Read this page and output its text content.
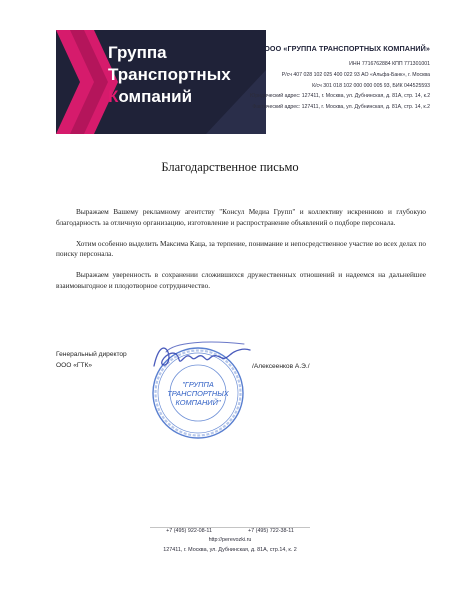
Группа
Транспортных
Компаний
ООО «ГРУППА ТРАНСПОРТНЫХ КОМПАНИЙ»
ИНН 7716762884 КПП 771301001
Р/сч 407 028 102 025 400 022 93 АО «Альфа-Банк», г. Москва
К/сч 301 018 102 000 000 005 93, БИК 044525593
Юридический адрес: 127411, г. Москва, ул. Дубнинская, д. 81А, стр. 14, к.2
Фактический адрес: 127411, г. Москва, ул. Дубнинская, д. 81А, стр. 14, к.2
Благодарственное письмо

Выражаем Вашему рекламному агентству "Консул Медиа Групп" и коллективу искреннюю и глубокую благодарность за отличную организацию, изготовление и распространение объявлений о подборе персонала.

Хотим особенно выделить Максима Каца, за терпение, понимание и непосредственное участие во всех делах по поиску персонала.

Выражаем уверенность в сохранении сложившихся дружественных отношений и надеемся на дальнейшее взаимовыгодное и плодотворное сотрудничество.

Генеральный директор
ООО «ГТК»	/Алексеенков А.Э./
"ГРУППА
ТРАНСПОРТНЫХ
КОМПАНИЙ"
+7 (495) 922-08-11	+7 (495) 722-38-11
http://perevozki.ru
127411, г. Москва, ул. Дубнинская, д. 81А, стр.14, к. 2
